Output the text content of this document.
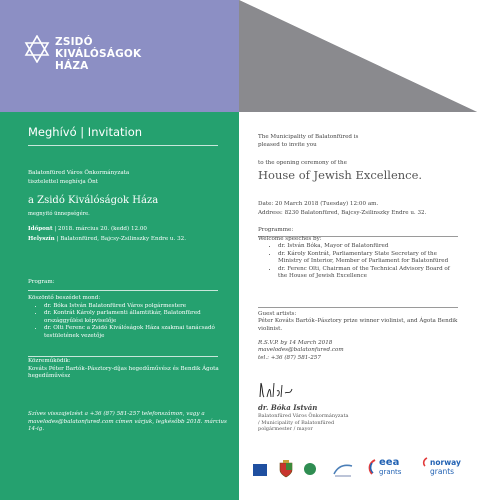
ZSIDÓ
KIVÁLÓSÁGOK
HÁZA
Meghívó | Invitation
Balatonfüred Város Önkormányzata
tisztelettel meghívja Önt
a Zsidó Kiválóságok Háza
megnyitó ünnepségére.
Időpont | 2018. március 20. (kedd) 12.00
Helyszín | Balatonfüred, Bajcsy-Zsilinszky Endre u. 32.
Program:
Köszöntő beszédet mond:
• dr. Bóka István Balatonfüred Város polgármestere
• dr. Kontrát Károly parlamenti államtitkár, Balatonfüred országgyűlési képviselője
• dr. Olti Ferenc a Zsidó Kiválóságok Háza szakmai tanácsadó testületének vezetője
Közreműködik:
Kováts Péter Bartók–Pásztory-díjas hegedűművész és Bendik Ágota hegedűművész
Szíves visszajelzést a +36 (87) 581-257 telefonszámon, vagy a mavelodes@balatonfured.com címen várjuk, legkésőbb 2018. március 14-ig.
The Municipality of Balatonfüred is
pleased to invite you
to the opening ceremony of the
House of Jewish Excellence.
Date: 20 March 2018 (Tuesday) 12:00 am.
Address: 8230 Balatonfüred, Bajcsy-Zsilinszky Endre u. 32.
Programme:
Welcome speeches by:
• dr. István Bóka, Mayor of Balatonfüred
• dr. Károly Kontrát, Parliamentary State Secretary of the Ministry of Interior, Member of Parliament for Balatonfüred
• dr. Ferenc Olti, Chairman of the Technical Advisory Board of the House of Jewish Excellence
Guest artists:
Péter Kováts Bartók–Pásztory prize winner violinist, and Ágota Bendik violinist.
R.S.V.P. by 14 March 2018
mavelodes@balatonfured.com
tel.: +36 (87) 581-257
dr. Bóka István
Balatonfüred Város Önkormányzata
/ Municipality of Balatonfüred
polgármester / mayor
eea
grants
norway
grants
